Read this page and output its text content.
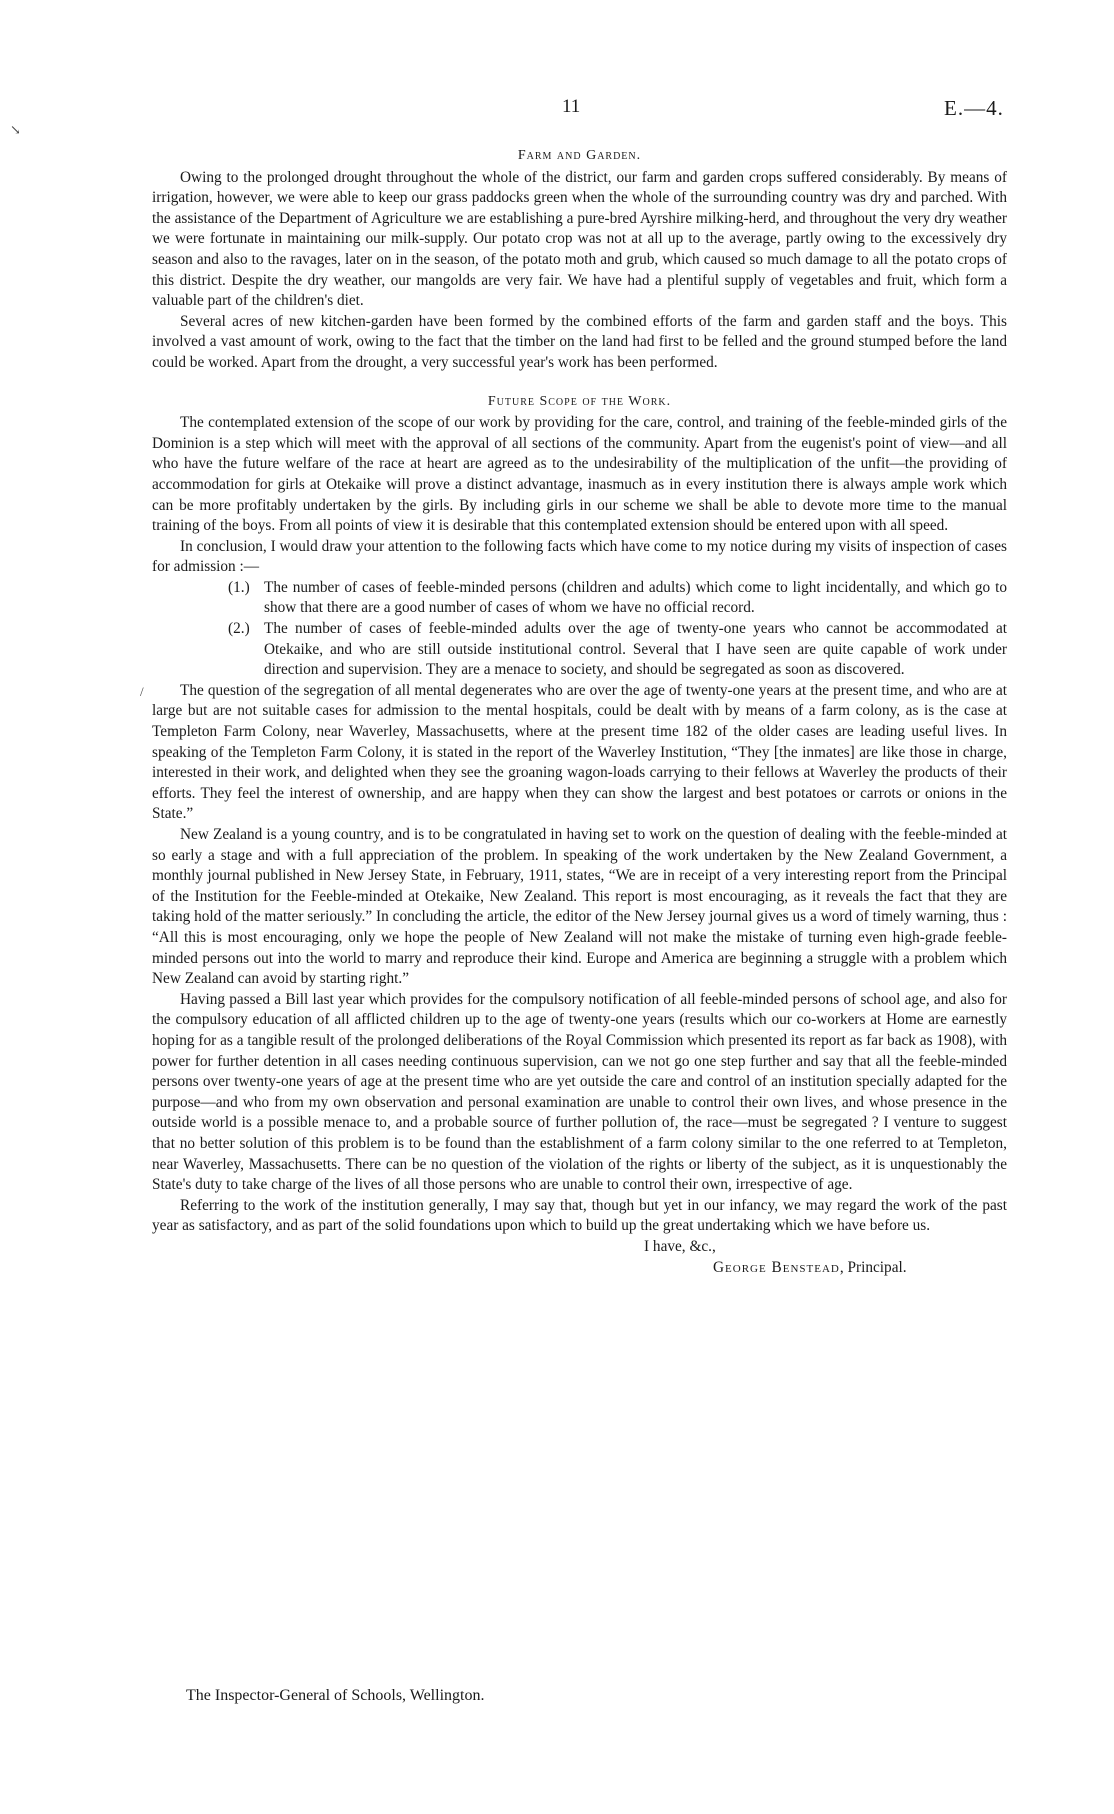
11	E.—4.
↘
/
Farm and Garden.

Owing to the prolonged drought throughout the whole of the district, our farm and garden crops suffered considerably. By means of irrigation, however, we were able to keep our grass paddocks green when the whole of the surrounding country was dry and parched. With the assistance of the Department of Agriculture we are establishing a pure-bred Ayrshire milking-herd, and throughout the very dry weather we were fortunate in maintaining our milk-supply. Our potato crop was not at all up to the average, partly owing to the excessively dry season and also to the ravages, later on in the season, of the potato moth and grub, which caused so much damage to all the potato crops of this district. Despite the dry weather, our mangolds are very fair. We have had a plentiful supply of vegetables and fruit, which form a valuable part of the children's diet.

Several acres of new kitchen-garden have been formed by the combined efforts of the farm and garden staff and the boys. This involved a vast amount of work, owing to the fact that the timber on the land had first to be felled and the ground stumped before the land could be worked. Apart from the drought, a very successful year's work has been performed.

Future Scope of the Work.

The contemplated extension of the scope of our work by providing for the care, control, and training of the feeble-minded girls of the Dominion is a step which will meet with the approval of all sections of the community. Apart from the eugenist's point of view—and all who have the future welfare of the race at heart are agreed as to the undesirability of the multiplication of the unfit—the providing of accommodation for girls at Otekaike will prove a distinct advantage, inasmuch as in every institution there is always ample work which can be more profitably undertaken by the girls. By including girls in our scheme we shall be able to devote more time to the manual training of the boys. From all points of view it is desirable that this contemplated extension should be entered upon with all speed.

In conclusion, I would draw your attention to the following facts which have come to my notice during my visits of inspection of cases for admission :—

(1.) The number of cases of feeble-minded persons (children and adults) which come to light incidentally, and which go to show that there are a good number of cases of whom we have no official record.
(2.) The number of cases of feeble-minded adults over the age of twenty-one years who cannot be accommodated at Otekaike, and who are still outside institutional control. Several that I have seen are quite capable of work under direction and supervision. They are a menace to society, and should be segregated as soon as discovered.

The question of the segregation of all mental degenerates who are over the age of twenty-one years at the present time, and who are at large but are not suitable cases for admission to the mental hospitals, could be dealt with by means of a farm colony, as is the case at Templeton Farm Colony, near Waverley, Massachusetts, where at the present time 182 of the older cases are leading useful lives. In speaking of the Templeton Farm Colony, it is stated in the report of the Waverley Institution, “They [the inmates] are like those in charge, interested in their work, and delighted when they see the groaning wagon-loads carrying to their fellows at Waverley the products of their efforts. They feel the interest of ownership, and are happy when they can show the largest and best potatoes or carrots or onions in the State.”

New Zealand is a young country, and is to be congratulated in having set to work on the question of dealing with the feeble-minded at so early a stage and with a full appreciation of the problem. In speaking of the work undertaken by the New Zealand Government, a monthly journal published in New Jersey State, in February, 1911, states, “We are in receipt of a very interesting report from the Principal of the Institution for the Feeble-minded at Otekaike, New Zealand. This report is most encouraging, as it reveals the fact that they are taking hold of the matter seriously.” In concluding the article, the editor of the New Jersey journal gives us a word of timely warning, thus : “All this is most encouraging, only we hope the people of New Zealand will not make the mistake of turning even high-grade feeble-minded persons out into the world to marry and reproduce their kind. Europe and America are beginning a struggle with a problem which New Zealand can avoid by starting right.”

Having passed a Bill last year which provides for the compulsory notification of all feeble-minded persons of school age, and also for the compulsory education of all afflicted children up to the age of twenty-one years (results which our co-workers at Home are earnestly hoping for as a tangible result of the prolonged deliberations of the Royal Commission which presented its report as far back as 1908), with power for further detention in all cases needing continuous supervision, can we not go one step further and say that all the feeble-minded persons over twenty-one years of age at the present time who are yet outside the care and control of an institution specially adapted for the purpose—and who from my own observation and personal examination are unable to control their own lives, and whose presence in the outside world is a possible menace to, and a probable source of further pollution of, the race—must be segregated ? I venture to suggest that no better solution of this problem is to be found than the establishment of a farm colony similar to the one referred to at Templeton, near Waverley, Massachusetts. There can be no question of the violation of the rights or liberty of the subject, as it is unquestionably the State's duty to take charge of the lives of all those persons who are unable to control their own, irrespective of age.

Referring to the work of the institution generally, I may say that, though but yet in our infancy, we may regard the work of the past year as satisfactory, and as part of the solid foundations upon which to build up the great undertaking which we have before us.

I have, &c.,
George Benstead, Principal.
The Inspector-General of Schools, Wellington.
